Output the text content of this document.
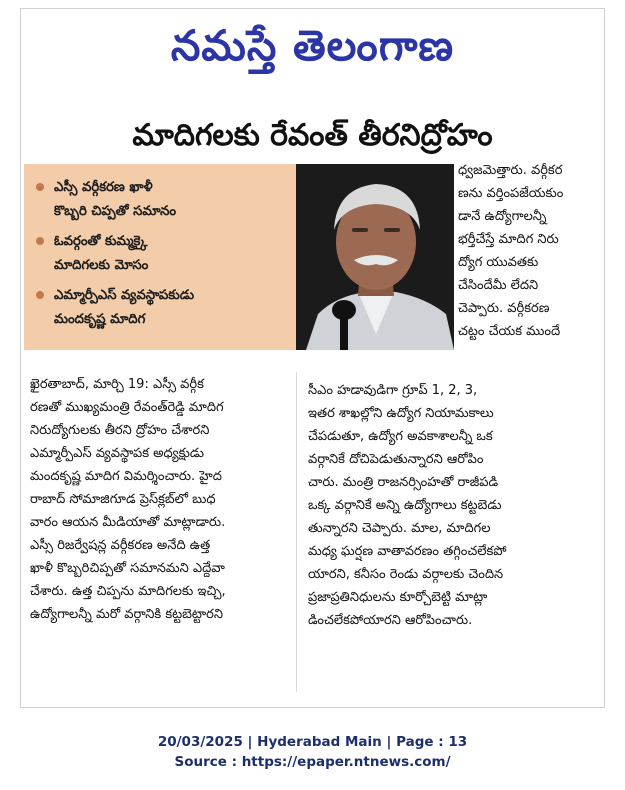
నమస్తే తెలంగాణ
మాదిగలకు రేవంత్ తీరనిద్రోహం
ఎస్సీ వర్గీకరణ ఖాళీ
కొబ్బరి చిప్పతో సమానం
ఓవర్గంతో కుమ్మక్కై
మాదిగలకు మోసం
ఎమ్మార్పీఎస్ వ్యవస్థాపకుడు
మందకృష్ణ మాదిగ

ధ్వజమెత్తారు. వర్గీకర

ణను వర్తింపజేయకుం

డానే ఉద్యోగాలన్నీ

భర్తీచేస్తే మాదిగ నిరు

ద్యోగ యువతకు

చేసిందేమీ లేదని

చెప్పారు. వర్గీకరణ

చట్టం చేయక ముందే

ఖైరతాబాద్, మార్చి 19: ఎస్సీ వర్గీక

రణతో ముఖ్యమంత్రి రేవంత్‌రెడ్డి మాదిగ

నిరుద్యోగులకు తీరని ద్రోహం చేశారని

ఎమ్మార్పీఎస్ వ్యవస్థాపక అధ్యక్షుడు

మందకృష్ణ మాదిగ విమర్శించారు. హైద

రాబాద్ సోమాజిగూడ ప్రెస్‌క్లబ్‌లో బుధ

వారం ఆయన మీడియాతో మాట్లాడారు.

ఎస్సీ రిజర్వేషన్ల వర్గీకరణ అనేది ఉత్త

ఖాళీ కొబ్బరిచిప్పతో సమానమని ఎద్దేవా

చేశారు. ఉత్త చిప్పను మాదిగలకు ఇచ్చి,

ఉద్యోగాలన్నీ మరో వర్గానికి కట్టబెట్టారని

సీఎం హడావుడిగా గ్రూప్ 1, 2, 3,

ఇతర శాఖల్లోని ఉద్యోగ నియామకాలు

చేపడుతూ, ఉద్యోగ అవకాశాలన్నీ ఒక

వర్గానికే దోచిపెడుతున్నారని ఆరోపిం

చారు. మంత్రి రాజనర్సింహతో రాజీపడి

ఒక్క వర్గానికే అన్ని ఉద్యోగాలు కట్టబెడు

తున్నారని చెప్పారు. మాల, మాదిగల

మధ్య ఘర్షణ వాతావరణం తగ్గించలేకపో

యారని, కనీసం రెండు వర్గాలకు చెందిన

ప్రజాప్రతినిధులను కూర్చోబెట్టి మాట్లా

డించలేకపోయారని ఆరోపించారు.

20/03/2025 | Hyderabad Main | Page : 13
Source : https://epaper.ntnews.com/
